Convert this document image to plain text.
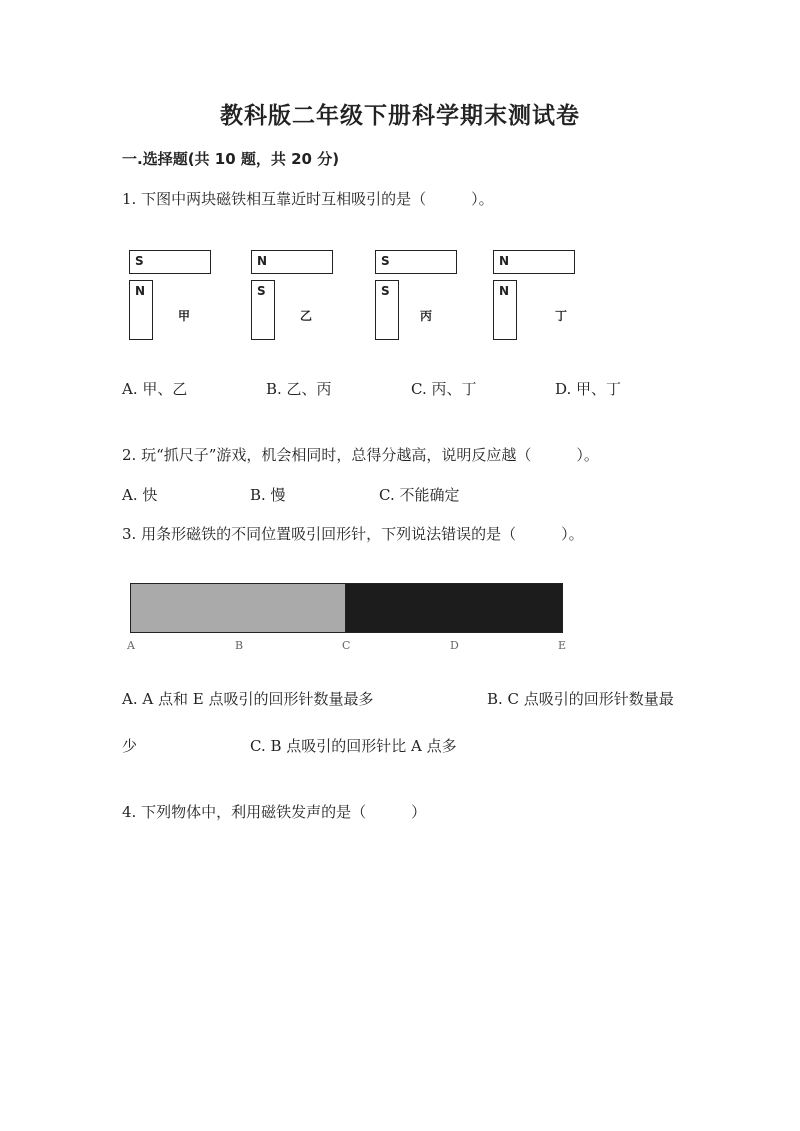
教科版二年级下册科学期末测试卷
一.选择题(共 10 题，共 20 分)
1. 下图中两块磁铁相互靠近时互相吸引的是（　　　）。
S
N
甲
N
S
乙
S
S
丙
N
N
丁
A. 甲、乙	B. 乙、丙	C. 丙、丁	D. 甲、丁
2. 玩“抓尺子”游戏，机会相同时，总得分越高，说明反应越（　　　）。
A. 快	B. 慢	C. 不能确定
3. 用条形磁铁的不同位置吸引回形针，下列说法错误的是（　　　）。
A	B	C	D	E
A. A 点和 E 点吸引的回形针数量最多	B. C 点吸引的回形针数量最
少	C. B 点吸引的回形针比 A 点多
4. 下列物体中，利用磁铁发声的是（　　　）
